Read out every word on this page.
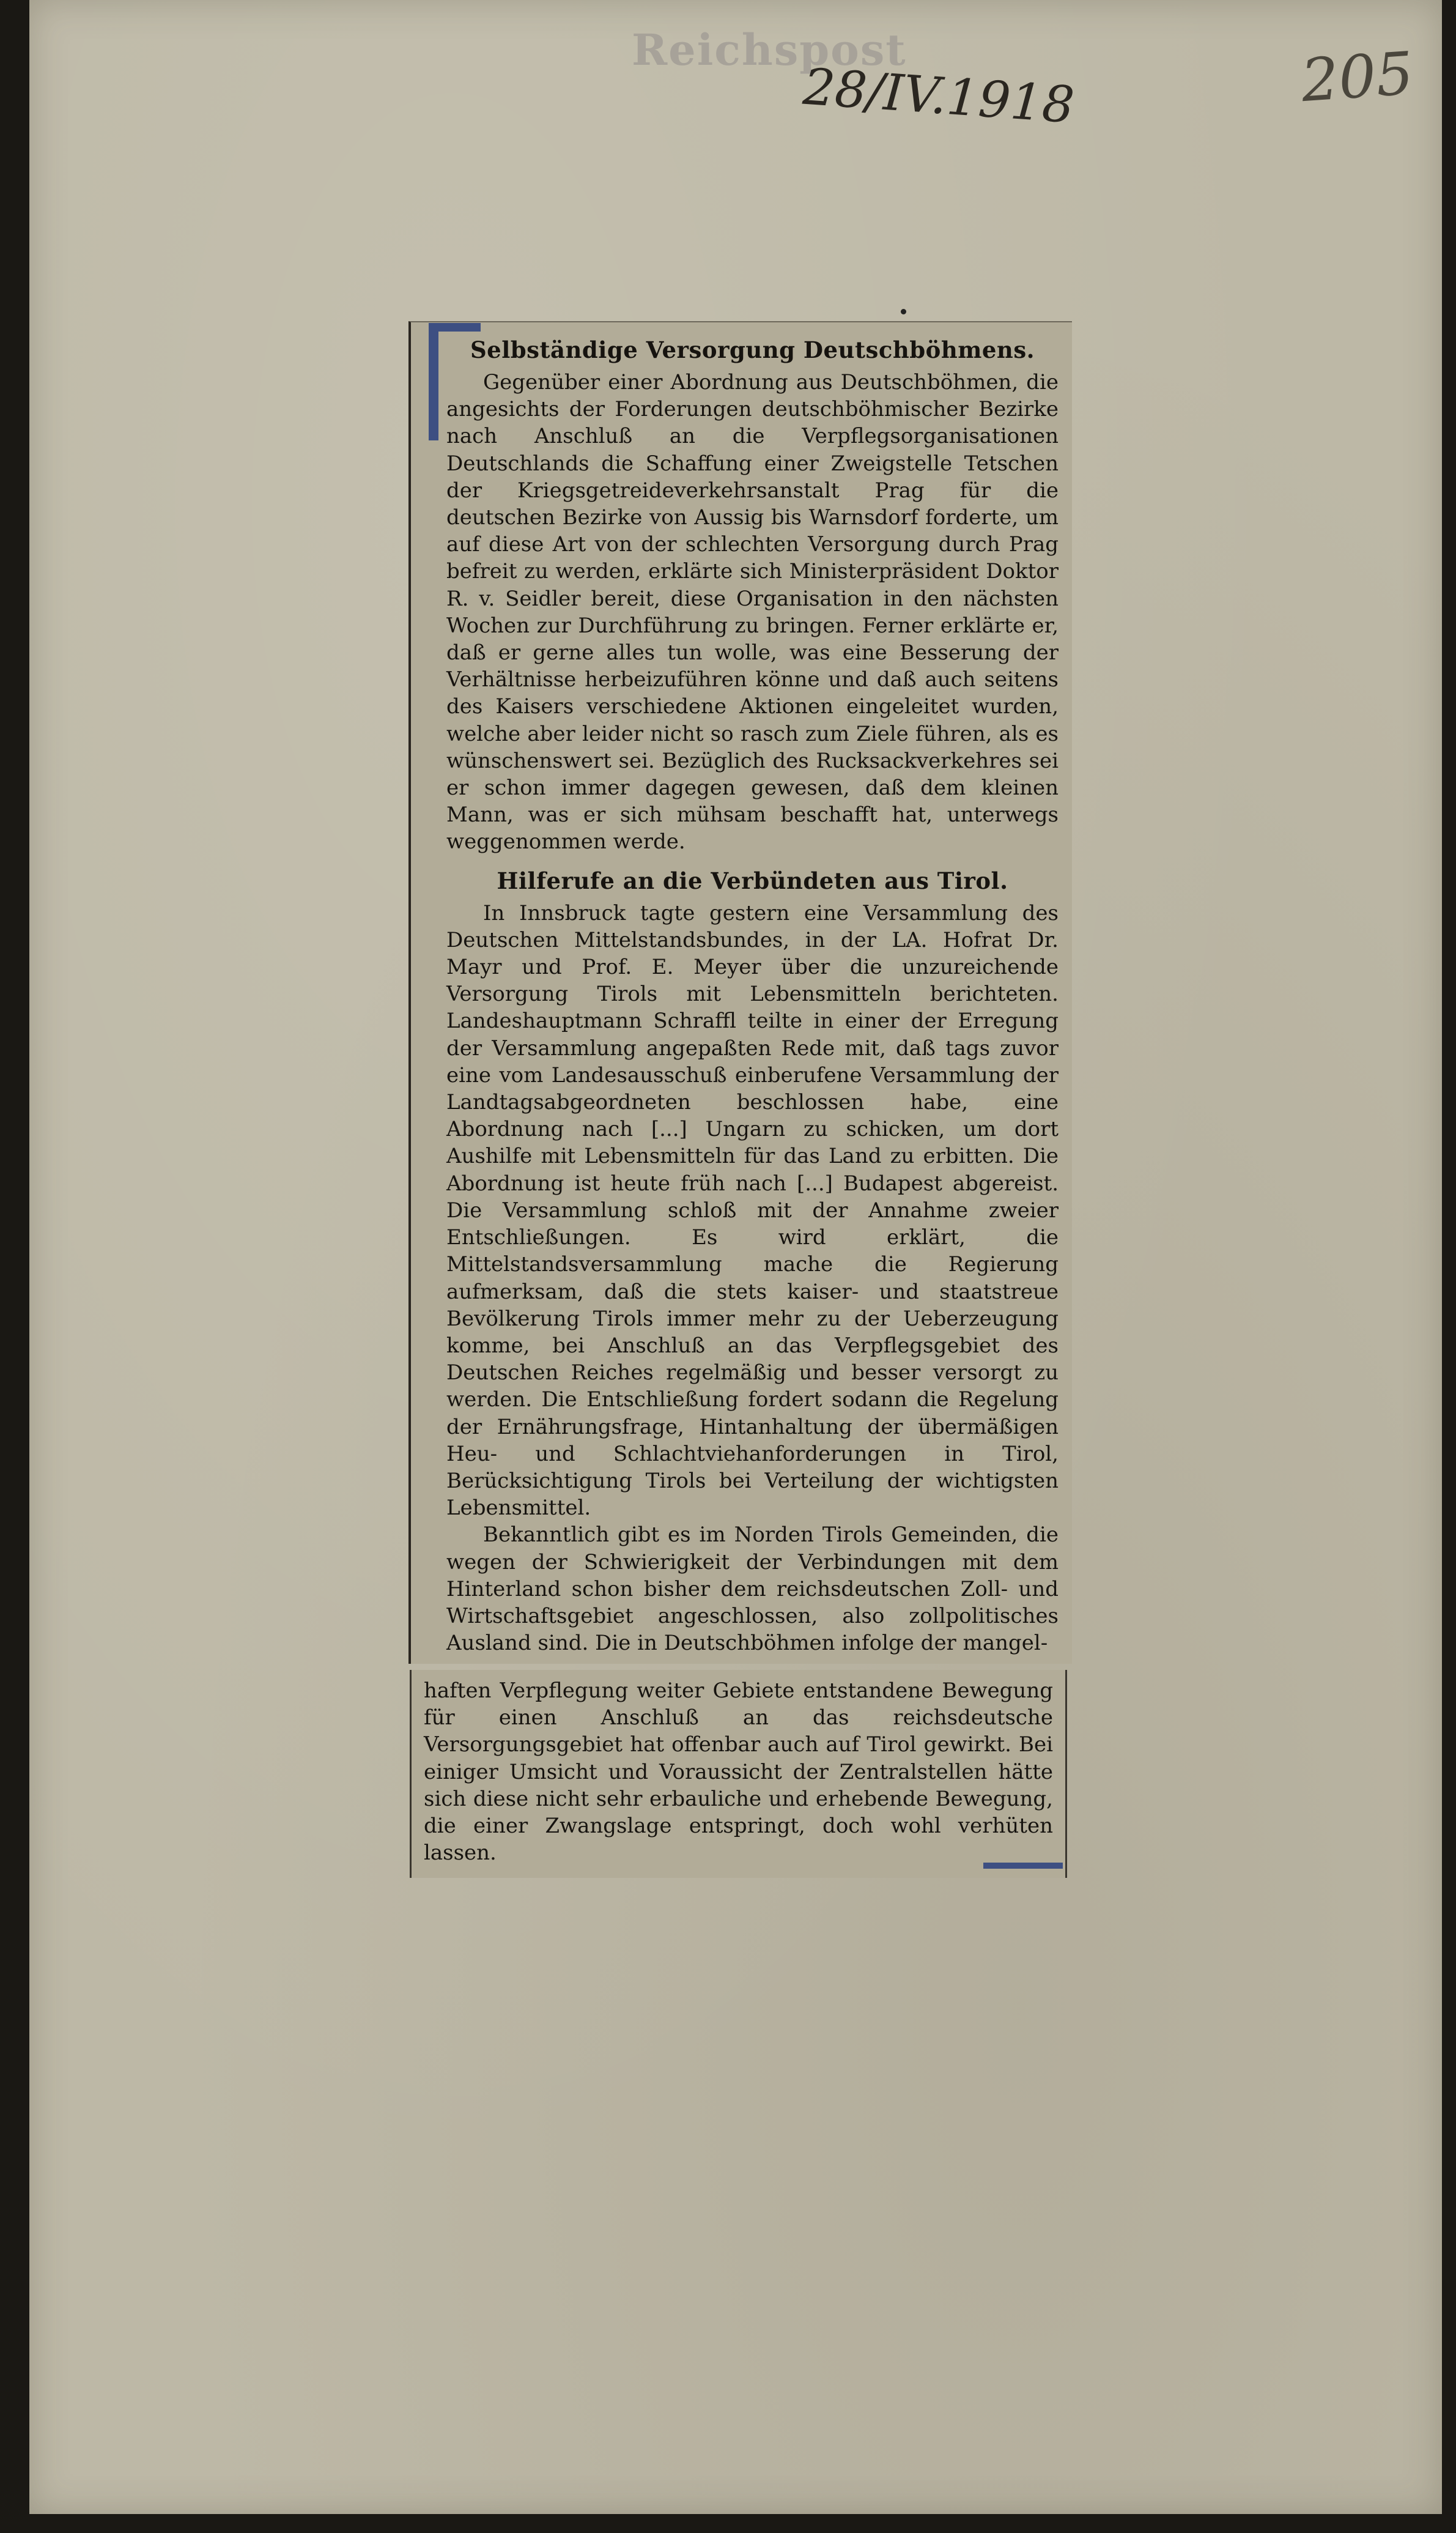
Reichspost
28/IV.1918	205
Selbständige Versorgung Deutschböhmens.

Gegenüber einer Abordnung aus Deutschböhmen, die angesichts der Forderungen deutschböhmischer Bezirke nach Anschluß an die Verpflegsorganisationen Deutschlands die Schaffung einer Zweigstelle Tetschen der Kriegsgetreideverkehrsanstalt Prag für die deutschen Bezirke von Aussig bis Warnsdorf forderte, um auf diese Art von der schlechten Versorgung durch Prag befreit zu werden, erklärte sich Ministerpräsident Doktor R. v. Seidler bereit, diese Organisation in den nächsten Wochen zur Durchführung zu bringen. Ferner erklärte er, daß er gerne alles tun wolle, was eine Besserung der Verhältnisse herbeizuführen könne und daß auch seitens des Kaisers verschiedene Aktionen eingeleitet wurden, welche aber leider nicht so rasch zum Ziele führen, als es wünschenswert sei. Bezüglich des Rucksackverkehres sei er schon immer dagegen gewesen, daß dem kleinen Mann, was er sich mühsam beschafft hat, unterwegs weggenommen werde.

Hilferufe an die Verbündeten aus Tirol.

In Innsbruck tagte gestern eine Versammlung des Deutschen Mittelstandsbundes, in der LA. Hofrat Dr. Mayr und Prof. E. Meyer über die unzureichende Versorgung Tirols mit Lebensmitteln berichteten. Landeshauptmann Schraffl teilte in einer der Erregung der Versammlung angepaßten Rede mit, daß tags zuvor eine vom Landesausschuß einberufene Versammlung der Landtagsabgeordneten beschlossen habe, eine Abordnung nach [...] Ungarn zu schicken, um dort Aushilfe mit Lebensmitteln für das Land zu erbitten. Die Abordnung ist heute früh nach [...] Budapest abgereist. Die Versammlung schloß mit der Annahme zweier Entschließungen. Es wird erklärt, die Mittelstandsversammlung mache die Regierung aufmerksam, daß die stets kaiser- und staatstreue Bevölkerung Tirols immer mehr zu der Ueberzeugung komme, bei Anschluß an das Verpflegsgebiet des Deutschen Reiches regelmäßig und besser versorgt zu werden. Die Entschließung fordert sodann die Regelung der Ernährungsfrage, Hintanhaltung der übermäßigen Heu- und Schlachtviehanforderungen in Tirol, Berücksichtigung Tirols bei Verteilung der wichtigsten Lebensmittel.

Bekanntlich gibt es im Norden Tirols Gemeinden, die wegen der Schwierigkeit der Verbindungen mit dem Hinterland schon bisher dem reichsdeutschen Zoll- und Wirtschaftsgebiet angeschlossen, also zollpolitisches Ausland sind. Die in Deutschböhmen infolge der mangel-

haften Verpflegung weiter Gebiete entstandene Bewegung für einen Anschluß an das reichsdeutsche Versorgungsgebiet hat offenbar auch auf Tirol gewirkt. Bei einiger Umsicht und Voraussicht der Zentralstellen hätte sich diese nicht sehr erbauliche und erhebende Bewegung, die einer Zwangslage entspringt, doch wohl verhüten lassen.
